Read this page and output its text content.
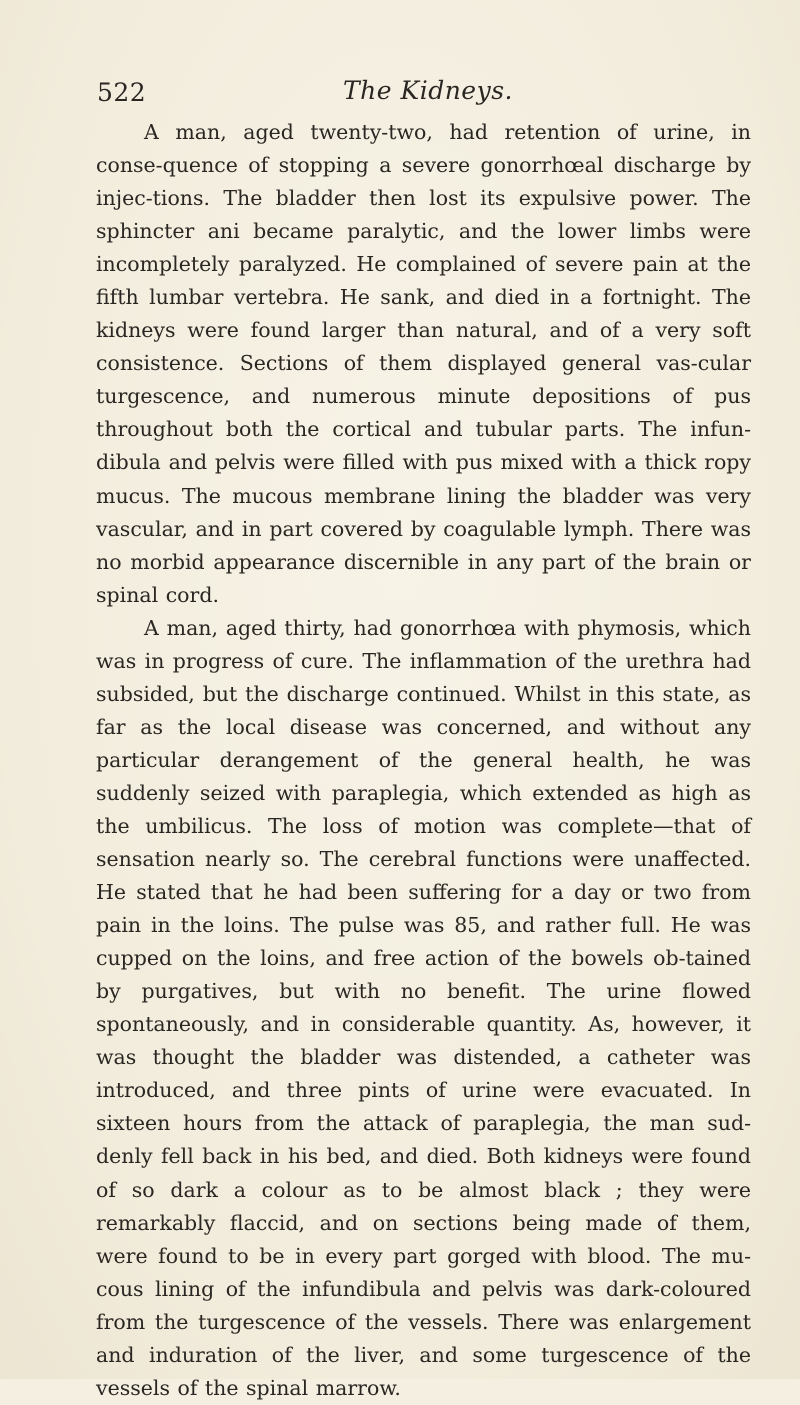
522	The Kidneys.

A man, aged twenty-two, had retention of urine, in conse-quence of stopping a severe gonorrhœal discharge by injec-tions. The bladder then lost its expulsive power. The sphincter ani became paralytic, and the lower limbs were incompletely paralyzed. He complained of severe pain at the fifth lumbar vertebra. He sank, and died in a fortnight. The kidneys were found larger than natural, and of a very soft consistence. Sections of them displayed general vas-cular turgescence, and numerous minute depositions of pus throughout both the cortical and tubular parts. The infun-dibula and pelvis were filled with pus mixed with a thick ropy mucus. The mucous membrane lining the bladder was very vascular, and in part covered by coagulable lymph. There was no morbid appearance discernible in any part of the brain or spinal cord.

A man, aged thirty, had gonorrhœa with phymosis, which was in progress of cure. The inflammation of the urethra had subsided, but the discharge continued. Whilst in this state, as far as the local disease was concerned, and without any particular derangement of the general health, he was suddenly seized with paraplegia, which extended as high as the umbilicus. The loss of motion was complete—that of sensation nearly so. The cerebral functions were unaffected. He stated that he had been suffering for a day or two from pain in the loins. The pulse was 85, and rather full. He was cupped on the loins, and free action of the bowels ob-tained by purgatives, but with no benefit. The urine flowed spontaneously, and in considerable quantity. As, however, it was thought the bladder was distended, a catheter was introduced, and three pints of urine were evacuated. In sixteen hours from the attack of paraplegia, the man sud-denly fell back in his bed, and died. Both kidneys were found of so dark a colour as to be almost black ; they were remarkably flaccid, and on sections being made of them, were found to be in every part gorged with blood. The mu-cous lining of the infundibula and pelvis was dark-coloured from the turgescence of the vessels. There was enlargement and induration of the liver, and some turgescence of the vessels of the spinal marrow.
